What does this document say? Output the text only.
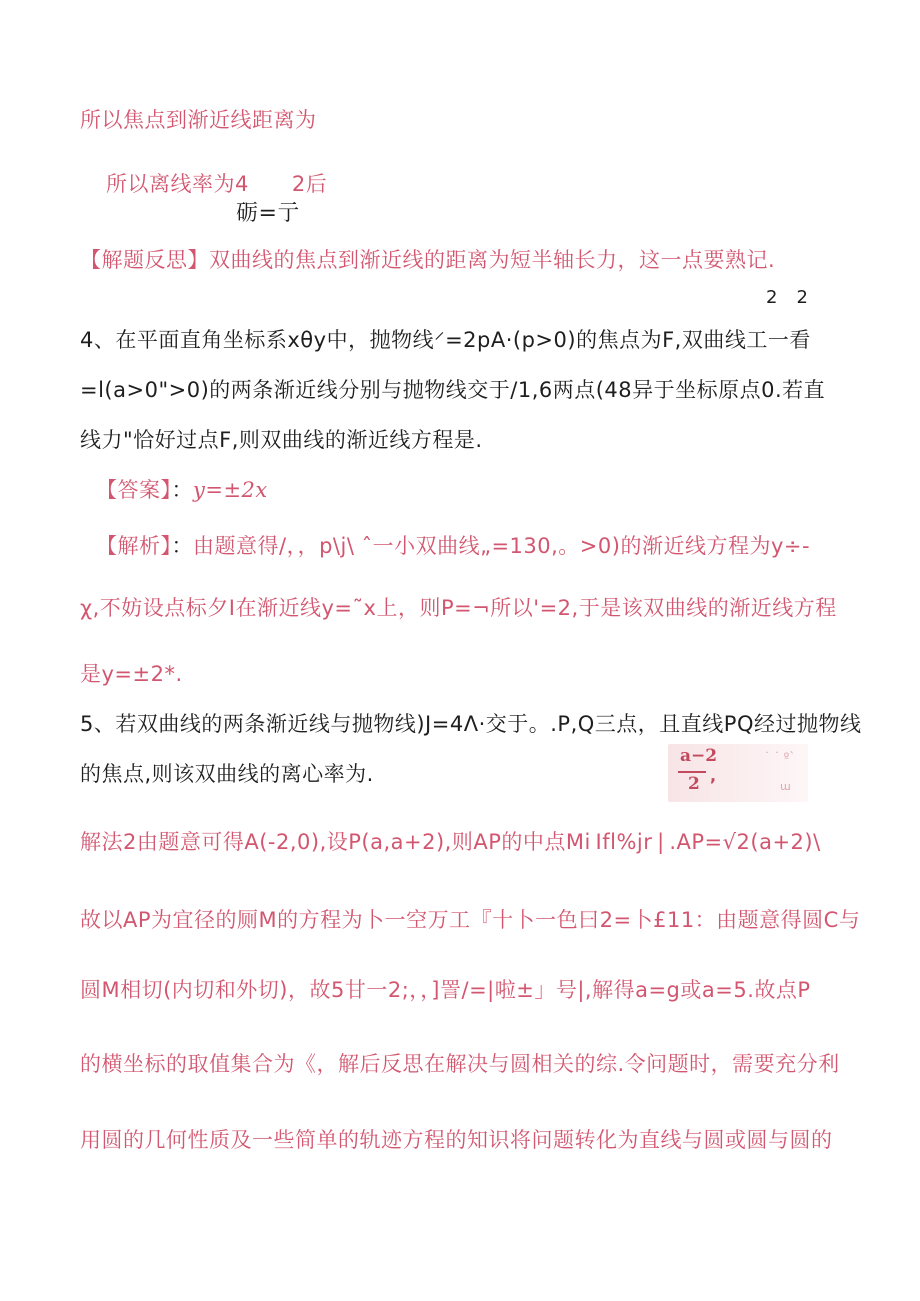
所以焦点到渐近线距离为
所以离线率为4　　2后
砺=亍
【解题反思】双曲线的焦点到渐近线的距离为短半轴长力，这一点要熟记.
2　2
4、在平面直角坐标系xθy中，抛物线⸍=2pA·(p>0)的焦点为F,双曲线工一看
=l(a>0">0)的两条渐近线分别与抛物线交于/1,6两点(48异于坐标原点0.若直
线力"恰好过点F,则双曲线的渐近线方程是.
【答案】：y=±2x
【解析】：由题意得/，，p\j\ ˆ一小双曲线„=130,。>0)的渐近线方程为y÷-
χ,不妨设点标夕I在渐近线y=˜x上，则P=¬所以'=2,于是该双曲线的渐近线方程
是y=±2*.
5、若双曲线的两条渐近线与抛物线)J=4Λ·交于。.P,Q三点，且直线PQ经过抛物线
的焦点,则该双曲线的离心率为.
a−2
2 ,
˙ ˙ º`
ɯ
解法2由题意可得A(-2,0),设P(a,a+2),则AP的中点Mi Ifl%jr | .AP=√2(a+2)\
故以AP为宜径的厕M的方程为卜一空万工『十卜一色曰2=卜£11：由题意得圆C与
圆M相切(内切和外切)，故5甘一2;，，]詈/=|啦±」号|,解得a=g或a=5.故点P
的横坐标的取值集合为《，解后反思在解决与圆相关的综.令问题时，需要充分利
用圆的几何性质及一些简单的轨迹方程的知识将问题转化为直线与圆或圆与圆的
